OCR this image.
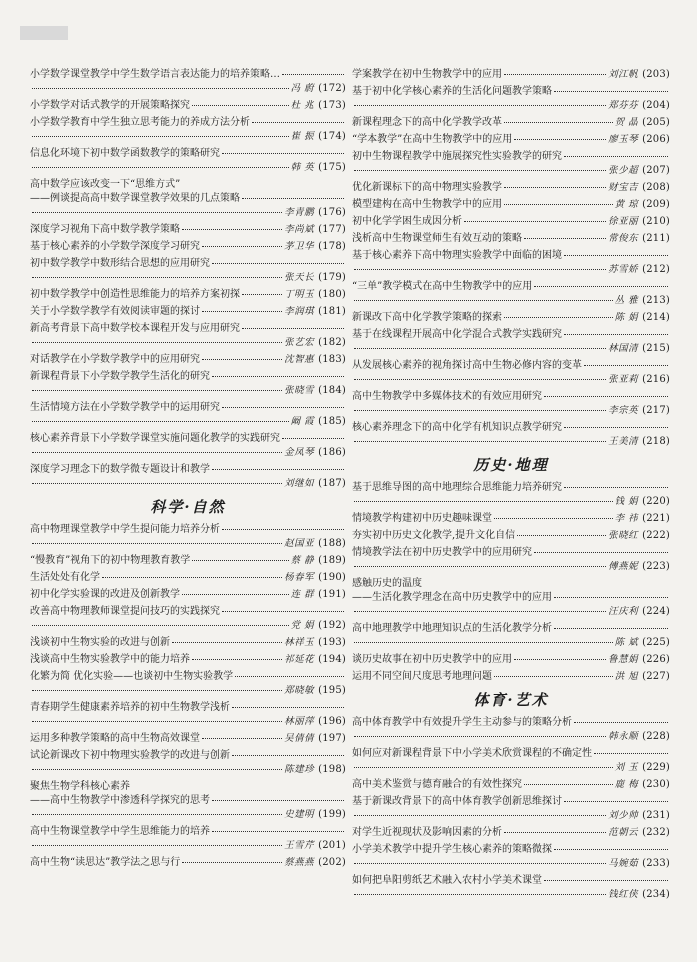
小学数学课堂教学中学生数学语言表达能力的培养策略…
冯 蔚 (172)
小学数学对话式教学的开展策略探究	杜 兆 (173)
小学数学教育中学生独立思考能力的养成方法分析
崔 振 (174)
信息化环境下初中数学函数教学的策略研究
韩 英 (175)
高中数学应该改变一下“思维方式”
——例谈提高高中数学课堂教学效果的几点策略
李青鹏 (176)
深度学习视角下高中数学教学策略	李尚斌 (177)
基于核心素养的小学数学深度学习研究	茅卫华 (178)
初中数学教学中数形结合思想的应用研究
张天长 (179)
初中数学教学中创造性思维能力的培养方案初探	丁明玉 (180)
关于小学数学教学有效阅读审题的探讨	李润琪 (181)
新高考背景下高中数学校本课程开发与应用研究
张艺宏 (182)
对话教学在小学数学教学中的应用研究	沈智惠 (183)
新课程背景下小学数学教学生活化的研究
张晓雪 (184)
生活情境方法在小学数学教学中的运用研究
阚 霞 (185)
核心素养背景下小学数学课堂实施问题化教学的实践研究
金凤琴 (186)
深度学习理念下的数学微专题设计和教学
刘继如 (187)
科学·自然
高中物理课堂教学中学生提问能力培养分析
赵国亚 (188)
“慢教育”视角下的初中物理教育教学	蔡 静 (189)
生活处处有化学	杨春军 (190)
初中化学实验课的改进及创新教学	连 群 (191)
改善高中物理教师课堂提问技巧的实践探究
党 娟 (192)
浅谈初中生物实验的改进与创新	林祥玉 (193)
浅谈高中生物实验教学中的能力培养	祁延花 (194)
化繁为简 优化实验——也谈初中生物实验教学
郑晓敏 (195)
青春期学生健康素养培养的初中生物教学浅析
林丽萍 (196)
运用多种教学策略的高中生物高效课堂	吴倩倩 (197)
试论新课改下初中物理实验教学的改进与创新
陈建珍 (198)
聚焦生物学科核心素养
——高中生物教学中渗透科学探究的思考
史建明 (199)
高中生物课堂教学中学生思维能力的培养
王雪芹 (201)
高中生物“读思达”教学法之思与行	蔡燕燕 (202)
学案教学在初中生物教学中的应用	刘江帆 (203)
基于初中化学核心素养的生活化问题教学策略
郑芬芬 (204)
新课程理念下的高中化学教学改革	贺 晶 (205)
“学本教学”在高中生物教学中的应用	廖玉琴 (206)
初中生物课程教学中施展探究性实验教学的研究
张少超 (207)
优化新课标下的高中物理实验教学	财宝吉 (208)
模型建构在高中生物教学中的应用	黄 琼 (209)
初中化学学困生成因分析	徐亚丽 (210)
浅析高中生物课堂师生有效互动的策略	常俊东 (211)
基于核心素养下高中物理实验教学中面临的困境
苏雪娇 (212)
“三单”教学模式在高中生物教学中的应用
丛 雅 (213)
新课改下高中化学教学策略的探索	陈 娟 (214)
基于在线课程开展高中化学混合式教学实践研究
林国清 (215)
从发展核心素养的视角探讨高中生物必修内容的变革
张亚莉 (216)
高中生物教学中多媒体技术的有效应用研究
李宗英 (217)
核心素养理念下的高中化学有机知识点教学研究
王美清 (218)
历史·地理
基于思维导图的高中地理综合思维能力培养研究
钱 娟 (220)
情境教学构建初中历史趣味课堂	李 祎 (221)
夯实初中历史文化教学,提升文化自信	张晓红 (222)
情境教学法在初中历史教学中的应用研究
傅燕妮 (223)
感触历史的温度
——生活化教学理念在高中历史教学中的应用
汪庆利 (224)
高中地理教学中地理知识点的生活化教学分析
陈 斌 (225)
谈历史故事在初中历史教学中的应用	鲁慧娟 (226)
运用不同空间尺度思考地理问题	洪 旭 (227)
体育·艺术
高中体育教学中有效提升学生主动参与的策略分析
韩永顺 (228)
如何应对新课程背景下中小学美术欣赏课程的不确定性
刘 玉 (229)
高中美术鉴赏与德育融合的有效性探究	鹿 梅 (230)
基于新课改背景下的高中体育教学创新思维探讨
刘少帅 (231)
对学生近视现状及影响因素的分析	范朝云 (232)
小学美术教学中提升学生核心素养的策略微探
马婉茹 (233)
如何把阜阳剪纸艺术融入农村小学美术课堂
钱红侠 (234)
